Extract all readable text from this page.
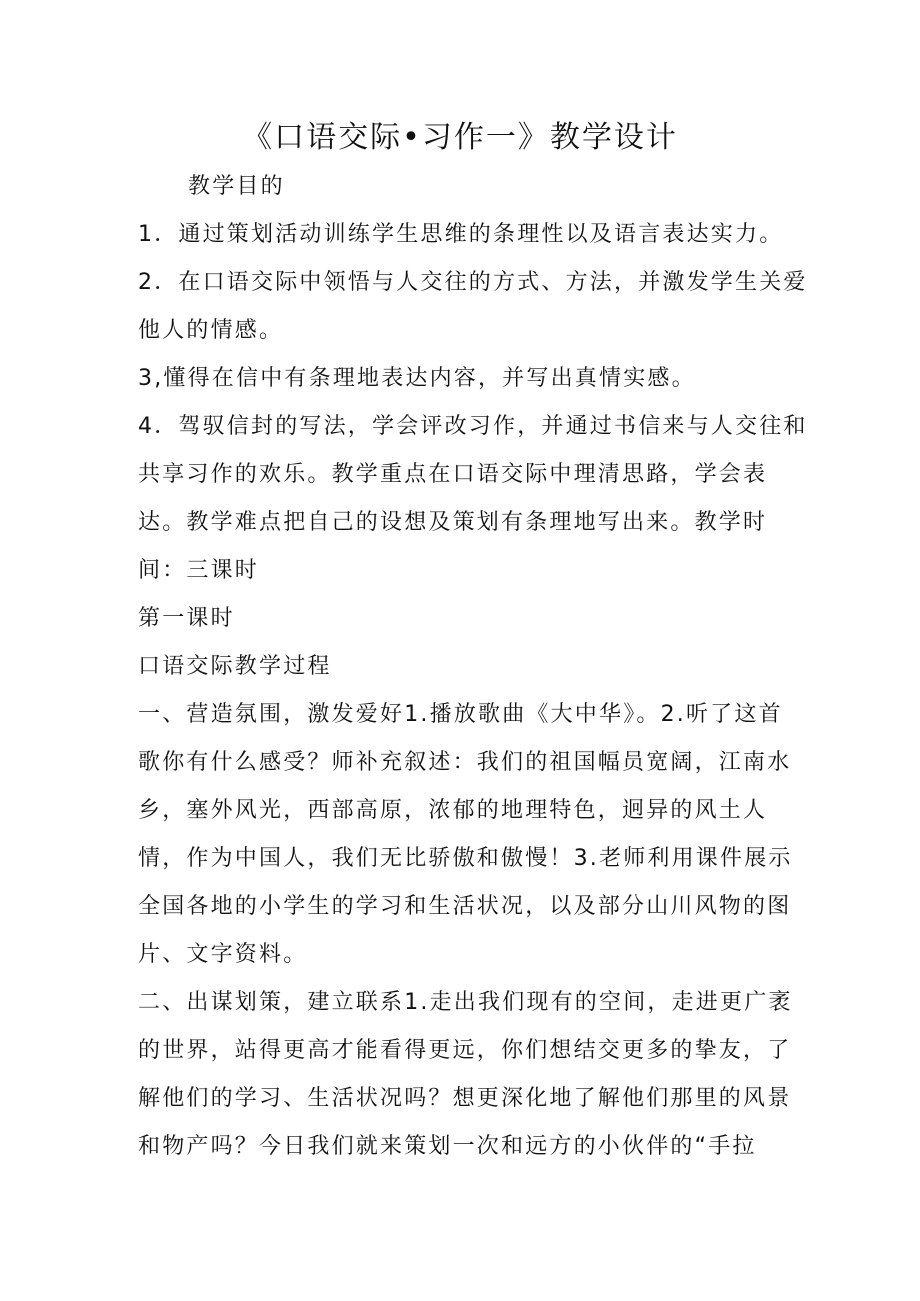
《口语交际•习作一》教学设计
教学目的
1．通过策划活动训练学生思维的条理性以及语言表达实力。
2．在口语交际中领悟与人交往的方式、方法，并激发学生关爱
他人的情感。
3,懂得在信中有条理地表达内容，并写出真情实感。
4．驾驭信封的写法，学会评改习作，并通过书信来与人交往和
共享习作的欢乐。教学重点在口语交际中理清思路，学会表
达。教学难点把自己的设想及策划有条理地写出来。教学时
间：三课时
第一课时
口语交际教学过程
一、营造氛围，激发爱好1.播放歌曲《大中华》。2.听了这首
歌你有什么感受？师补充叙述：我们的祖国幅员宽阔，江南水
乡，塞外风光，西部高原，浓郁的地理特色，迥异的风土人
情，作为中国人，我们无比骄傲和傲慢！3.老师利用课件展示
全国各地的小学生的学习和生活状况，以及部分山川风物的图
片、文字资料。
二、出谋划策，建立联系1.走出我们现有的空间，走进更广袤
的世界，站得更高才能看得更远，你们想结交更多的挚友，了
解他们的学习、生活状况吗？想更深化地了解他们那里的风景
和物产吗？今日我们就来策划一次和远方的小伙伴的“手拉
